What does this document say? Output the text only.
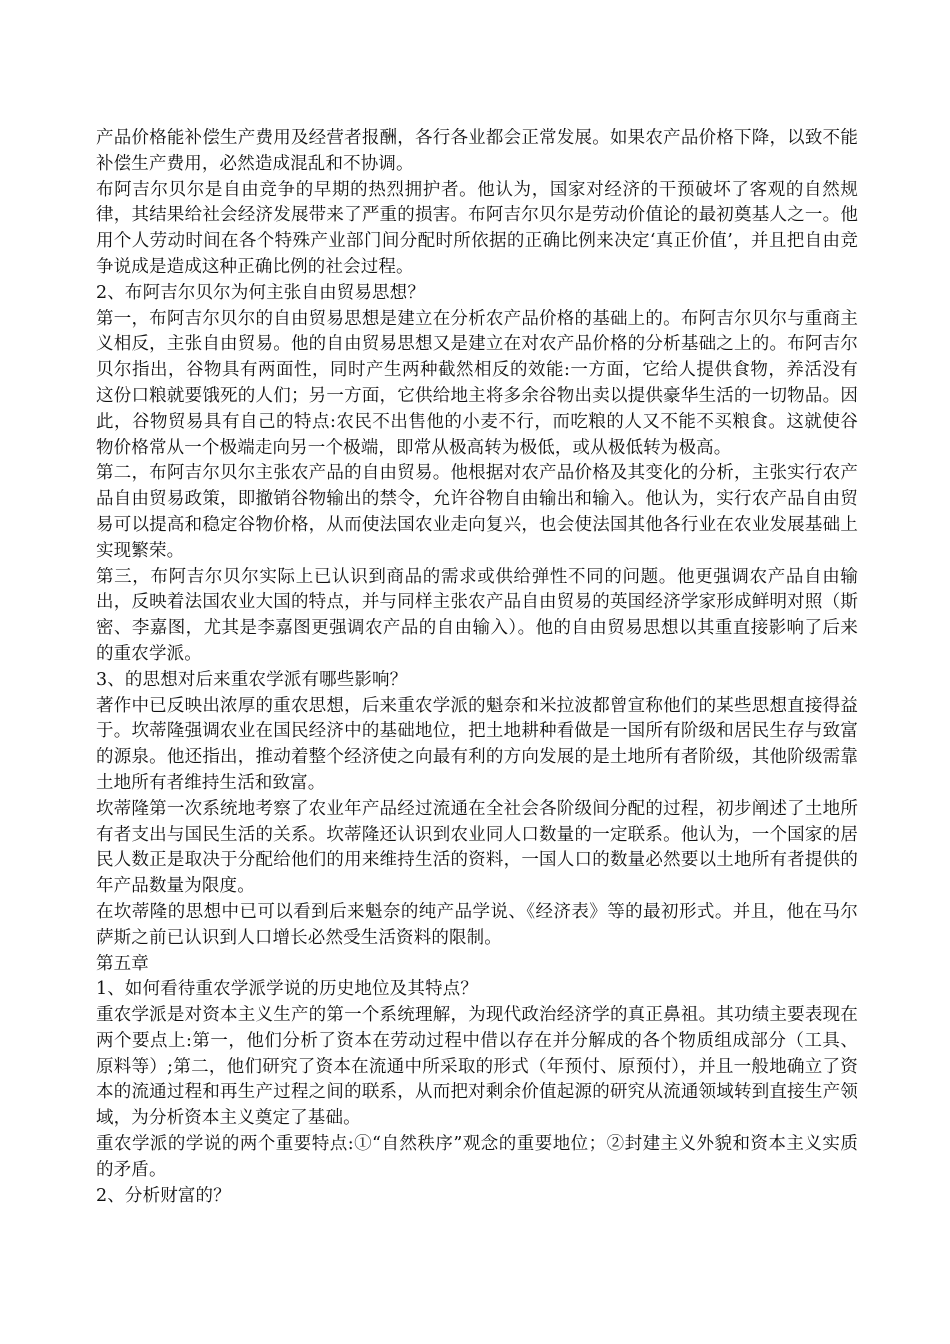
产品价格能补偿生产费用及经营者报酬，各行各业都会正常发展。如果农产品价格下降，以致不能补偿生产费用，必然造成混乱和不协调。

布阿吉尔贝尔是自由竞争的早期的热烈拥护者。他认为，国家对经济的干预破坏了客观的自然规律，其结果给社会经济发展带来了严重的损害。布阿吉尔贝尔是劳动价值论的最初奠基人之一。他用个人劳动时间在各个特殊产业部门间分配时所依据的正确比例来决定‘真正价值’，并且把自由竞争说成是造成这种正确比例的社会过程。

2、布阿吉尔贝尔为何主张自由贸易思想？

第一，布阿吉尔贝尔的自由贸易思想是建立在分析农产品价格的基础上的。布阿吉尔贝尔与重商主义相反，主张自由贸易。他的自由贸易思想又是建立在对农产品价格的分析基础之上的。布阿吉尔贝尔指出，谷物具有两面性，同时产生两种截然相反的效能:一方面，它给人提供食物，养活没有这份口粮就要饿死的人们；另一方面，它供给地主将多余谷物出卖以提供豪华生活的一切物品。因此，谷物贸易具有自己的特点:农民不出售他的小麦不行，而吃粮的人又不能不买粮食。这就使谷物价格常从一个极端走向另一个极端，即常从极高转为极低，或从极低转为极高。

第二，布阿吉尔贝尔主张农产品的自由贸易。他根据对农产品价格及其变化的分析，主张实行农产品自由贸易政策，即撤销谷物输出的禁令，允许谷物自由输出和输入。他认为，实行农产品自由贸易可以提高和稳定谷物价格，从而使法国农业走向复兴，也会使法国其他各行业在农业发展基础上实现繁荣。

第三，布阿吉尔贝尔实际上已认识到商品的需求或供给弹性不同的问题。他更强调农产品自由输出，反映着法国农业大国的特点，并与同样主张农产品自由贸易的英国经济学家形成鲜明对照（斯密、李嘉图，尤其是李嘉图更强调农产品的自由输入）。他的自由贸易思想以其重直接影响了后来的重农学派。

3、的思想对后来重农学派有哪些影响？

著作中已反映出浓厚的重农思想，后来重农学派的魁奈和米拉波都曾宣称他们的某些思想直接得益于。坎蒂隆强调农业在国民经济中的基础地位，把土地耕种看做是一国所有阶级和居民生存与致富的源泉。他还指出，推动着整个经济使之向最有利的方向发展的是土地所有者阶级，其他阶级需靠土地所有者维持生活和致富。

坎蒂隆第一次系统地考察了农业年产品经过流通在全社会各阶级间分配的过程，初步阐述了土地所有者支出与国民生活的关系。坎蒂隆还认识到农业同人口数量的一定联系。他认为，一个国家的居民人数正是取决于分配给他们的用来维持生活的资料，一国人口的数量必然要以土地所有者提供的年产品数量为限度。

在坎蒂隆的思想中已可以看到后来魁奈的纯产品学说、《经济表》等的最初形式。并且，他在马尔萨斯之前已认识到人口增长必然受生活资料的限制。

第五章

1、如何看待重农学派学说的历史地位及其特点？

重农学派是对资本主义生产的第一个系统理解，为现代政治经济学的真正鼻祖。其功绩主要表现在两个要点上:第一，他们分析了资本在劳动过程中借以存在并分解成的各个物质组成部分（工具、原料等）;第二，他们研究了资本在流通中所采取的形式（年预付、原预付），并且一般地确立了资本的流通过程和再生产过程之间的联系，从而把对剩余价值起源的研究从流通领域转到直接生产领域，为分析资本主义奠定了基础。

重农学派的学说的两个重要特点:①“自然秩序”观念的重要地位；②封建主义外貌和资本主义实质的矛盾。

2、分析财富的？
